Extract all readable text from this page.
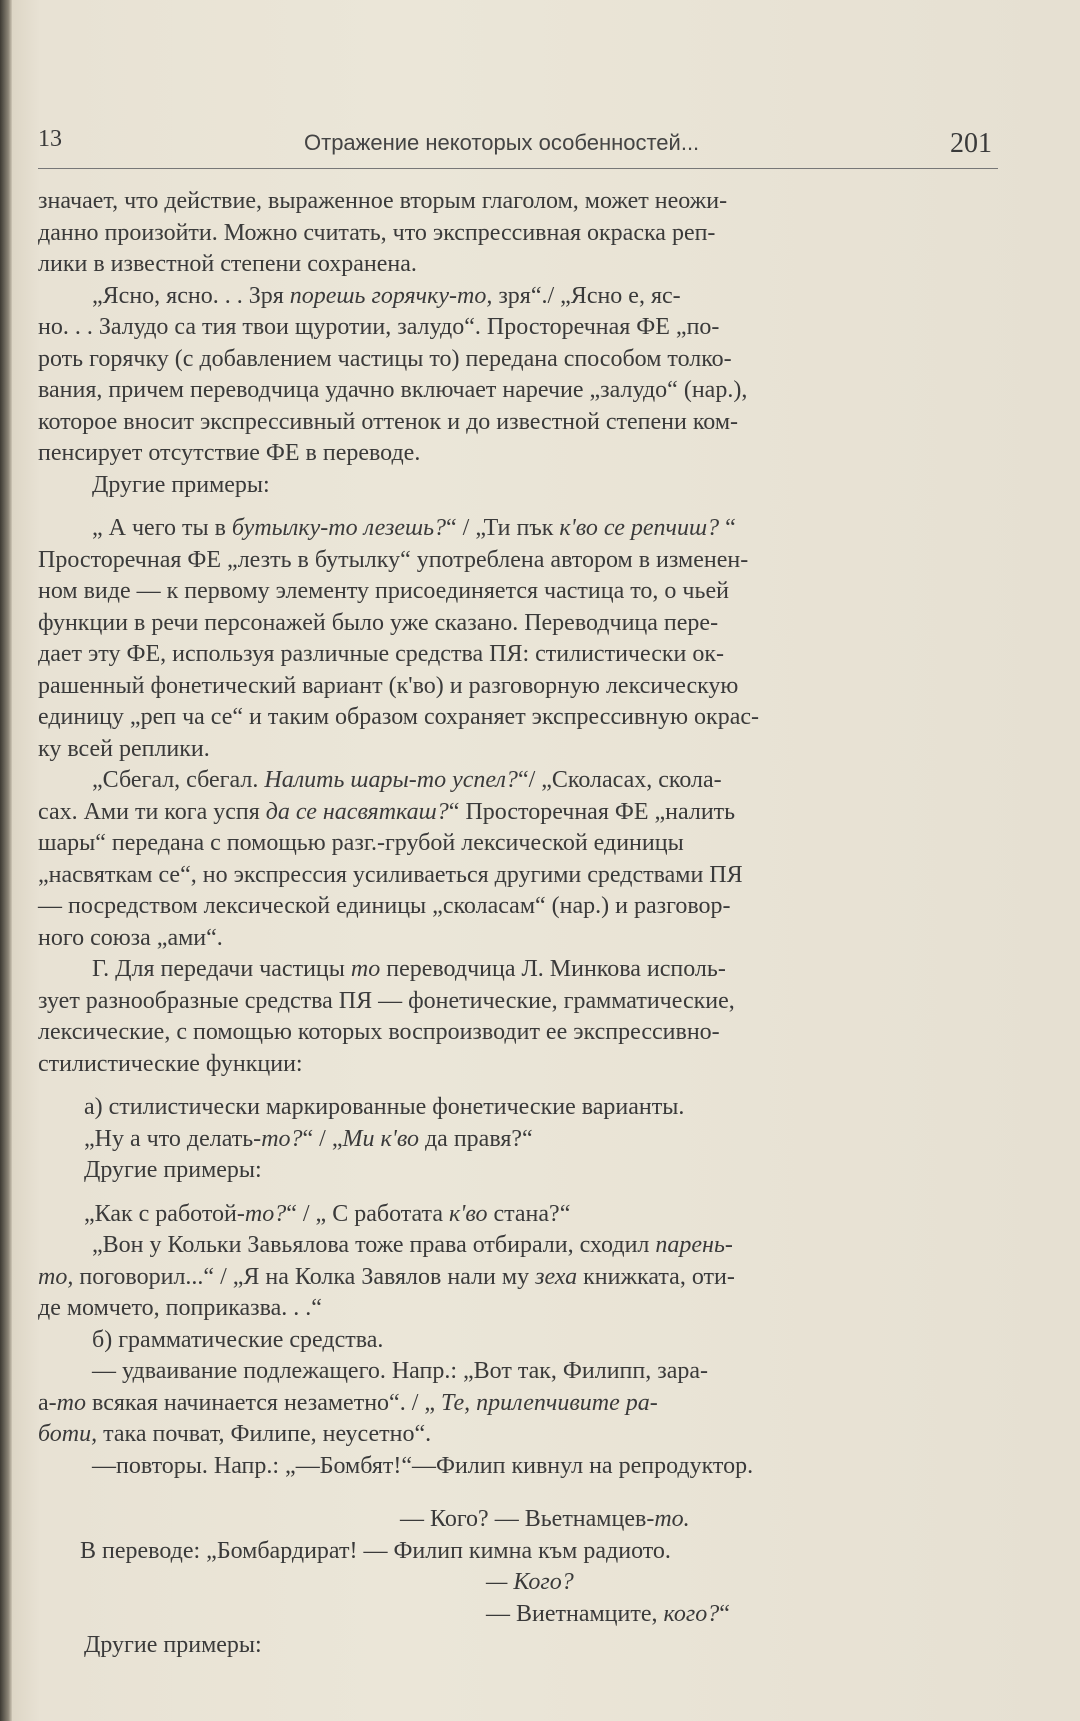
13	Отражение некоторых особенностей...	201

значает, что действие, выраженное вторым глаголом, может неожи-

данно произойти. Можно считать, что экспрессивная окраска реп-

лики в известной степени сохранена.

„Ясно, ясно. . . Зря порешь горячку-то, зря“./ „Ясно е, яс-

но. . . Залудо са тия твои щуротии, залудо“. Просторечная ФЕ „по-

роть горячку (с добавлением частицы то) передана способом толко-

вания, причем переводчица удачно включает наречие „залудо“ (нар.),

которое вносит экспрессивный оттенок и до известной степени ком-

пенсирует отсутствие ФЕ в переводе.

Другие примеры:

„ А чего ты в бутылку-то лезешь?“ / „Ти пък к'во се репчиш? “

Просторечная ФЕ „лезть в бутылку“ употреблена автором в изменен-

ном виде — к первому элементу присоединяется частица то, о чьей

функции в речи персонажей было уже сказано. Переводчица пере-

дает эту ФЕ, используя различные средства ПЯ: стилистически ок-

рашенный фонетический вариант (к'во) и разговорную лексическую

единицу „реп ча се“ и таким образом сохраняет экспрессивную окрас-

ку всей реплики.

„Сбегал, сбегал. Налить шары-то успел?“/ „Сколасах, сколa-

сах. Ами ти кога успя да се насвяткаш?“ Просторечная ФЕ „налить

шары“ передана с помощью разг.-грубой лексической единицы

„насвяткам се“, но экспрессия усиливаеться другими средствами ПЯ

— посредством лексической единицы „сколасам“ (нар.) и разговор-

ного союза „ами“.

Г. Для передачи частицы то переводчица Л. Минкова исполь-

зует разнообразные средства ПЯ — фонетические, грамматические,

лексические, с помощью которых воспроизводит ее экспрессивно-

стилистические функции:

а) стилистически маркированные фонетические варианты.

„Ну а что делать-то?“ / „Ми к'во да правя?“

Другие примеры:

„Как с работой-то?“ / „ С работата к'во стана?“

„Вон у Кольки Завьялова тоже права отбирали, сходил парень-

то, поговорил...“ / „Я на Колка Завялов нали му зеха книжката, оти-

де момчето, поприказва. . .“

б) грамматические средства.

— удваивание подлежащего. Напр.: „Вот так, Филипп, зара-

а-то всякая начинается незаметно“. / „ Те, прилепчивите ра-

боти, така почват, Филипе, неусетно“.

—повторы. Напр.: „—Бомбят!“—Филип кивнул на репродуктор.

— Кого? — Вьетнамцев-то.

В переводе: „Бомбардират! — Филип кимна към радиото.

— Кого?

— Виетнамците, кого?“

Другие примеры:
